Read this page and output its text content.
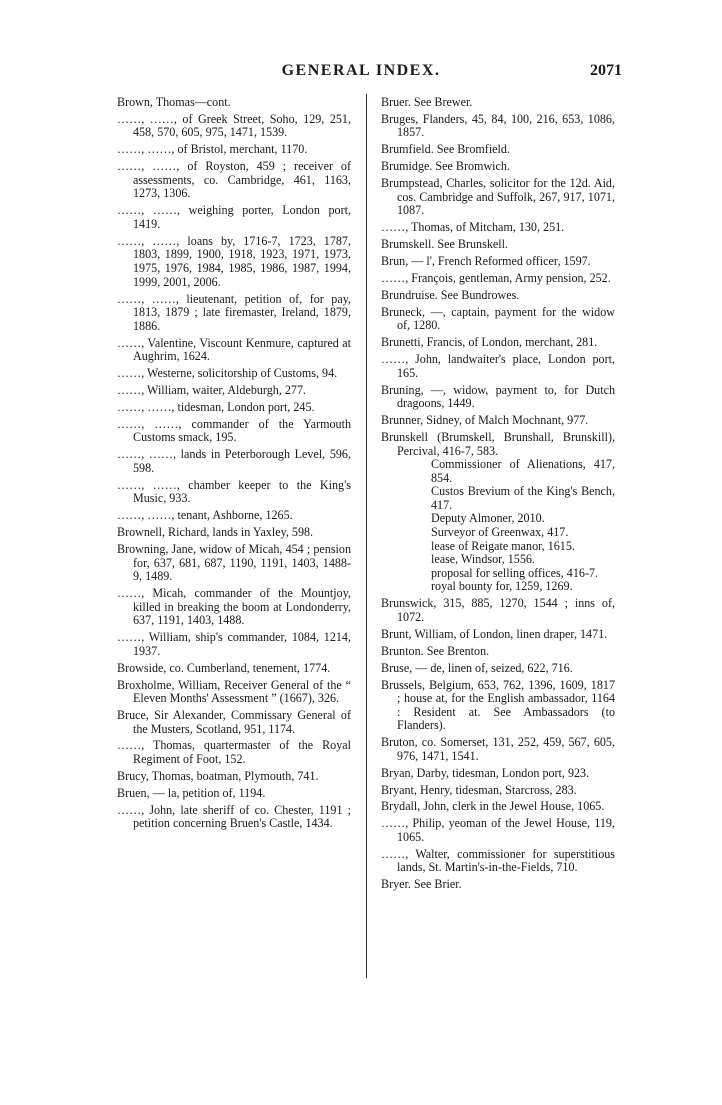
GENERAL INDEX.	2071
Brown, Thomas—cont.
……, ……, of Greek Street, Soho, 129, 251, 458, 570, 605, 975, 1471, 1539.
……, ……, of Bristol, merchant, 1170.
……, ……, of Royston, 459 ; receiver of assessments, co. Cambridge, 461, 1163, 1273, 1306.
……, ……, weighing porter, London port, 1419.
……, ……, loans by, 1716-7, 1723, 1787, 1803, 1899, 1900, 1918, 1923, 1971, 1973, 1975, 1976, 1984, 1985, 1986, 1987, 1994, 1999, 2001, 2006.
……, ……, lieutenant, petition of, for pay, 1813, 1879 ; late firemaster, Ireland, 1879, 1886.
……, Valentine, Viscount Kenmure, captured at Aughrim, 1624.
……, Westerne, solicitorship of Customs, 94.
……, William, waiter, Aldeburgh, 277.
……, ……, tidesman, London port, 245.
……, ……, commander of the Yarmouth Customs smack, 195.
……, ……, lands in Peterborough Level, 596, 598.
……, ……, chamber keeper to the King's Music, 933.
……, ……, tenant, Ashborne, 1265.
Brownell, Richard, lands in Yaxley, 598.
Browning, Jane, widow of Micah, 454 ; pension for, 637, 681, 687, 1190, 1191, 1403, 1488-9, 1489.
……, Micah, commander of the Mountjoy, killed in breaking the boom at Londonderry, 637, 1191, 1403, 1488.
……, William, ship's commander, 1084, 1214, 1937.
Browside, co. Cumberland, tenement, 1774.
Broxholme, William, Receiver General of the “ Eleven Months' Assessment ” (1667), 326.
Bruce, Sir Alexander, Commissary General of the Musters, Scotland, 951, 1174.
……, Thomas, quartermaster of the Royal Regiment of Foot, 152.
Brucy, Thomas, boatman, Plymouth, 741.
Bruen, — la, petition of, 1194.
……, John, late sheriff of co. Chester, 1191 ; petition concerning Bruen's Castle, 1434.
Bruer. See Brewer.
Bruges, Flanders, 45, 84, 100, 216, 653, 1086, 1857.
Brumfield. See Bromfield.
Brumidge. See Bromwich.
Brumpstead, Charles, solicitor for the 12d. Aid, cos. Cambridge and Suffolk, 267, 917, 1071, 1087.
……, Thomas, of Mitcham, 130, 251.
Brumskell. See Brunskell.
Brun, — l', French Reformed officer, 1597.
……, François, gentleman, Army pension, 252.
Brundruise. See Bundrowes.
Bruneck, —, captain, payment for the widow of, 1280.
Brunetti, Francis, of London, merchant, 281.
……, John, landwaiter's place, London port, 165.
Bruning, —, widow, payment to, for Dutch dragoons, 1449.
Brunner, Sidney, of Malch Mochnant, 977.
Brunskell (Brumskell, Brunshall, Brunskill), Percival, 416-7, 583.
Commissioner of Alienations, 417, 854.
Custos Brevium of the King's Bench, 417.
Deputy Almoner, 2010.
Surveyor of Greenwax, 417.
lease of Reigate manor, 1615.
lease, Windsor, 1556.
proposal for selling offices, 416-7.
royal bounty for, 1259, 1269.
Brunswick, 315, 885, 1270, 1544 ; inns of, 1072.
Brunt, William, of London, linen draper, 1471.
Brunton. See Brenton.
Bruse, — de, linen of, seized, 622, 716.
Brussels, Belgium, 653, 762, 1396, 1609, 1817 ; house at, for the English ambassador, 1164 : Resident at. See Ambassadors (to Flanders).
Bruton, co. Somerset, 131, 252, 459, 567, 605, 976, 1471, 1541.
Bryan, Darby, tidesman, London port, 923.
Bryant, Henry, tidesman, Starcross, 283.
Brydall, John, clerk in the Jewel House, 1065.
……, Philip, yeoman of the Jewel House, 119, 1065.
……, Walter, commissioner for superstitious lands, St. Martin's-in-the-Fields, 710.
Bryer. See Brier.
